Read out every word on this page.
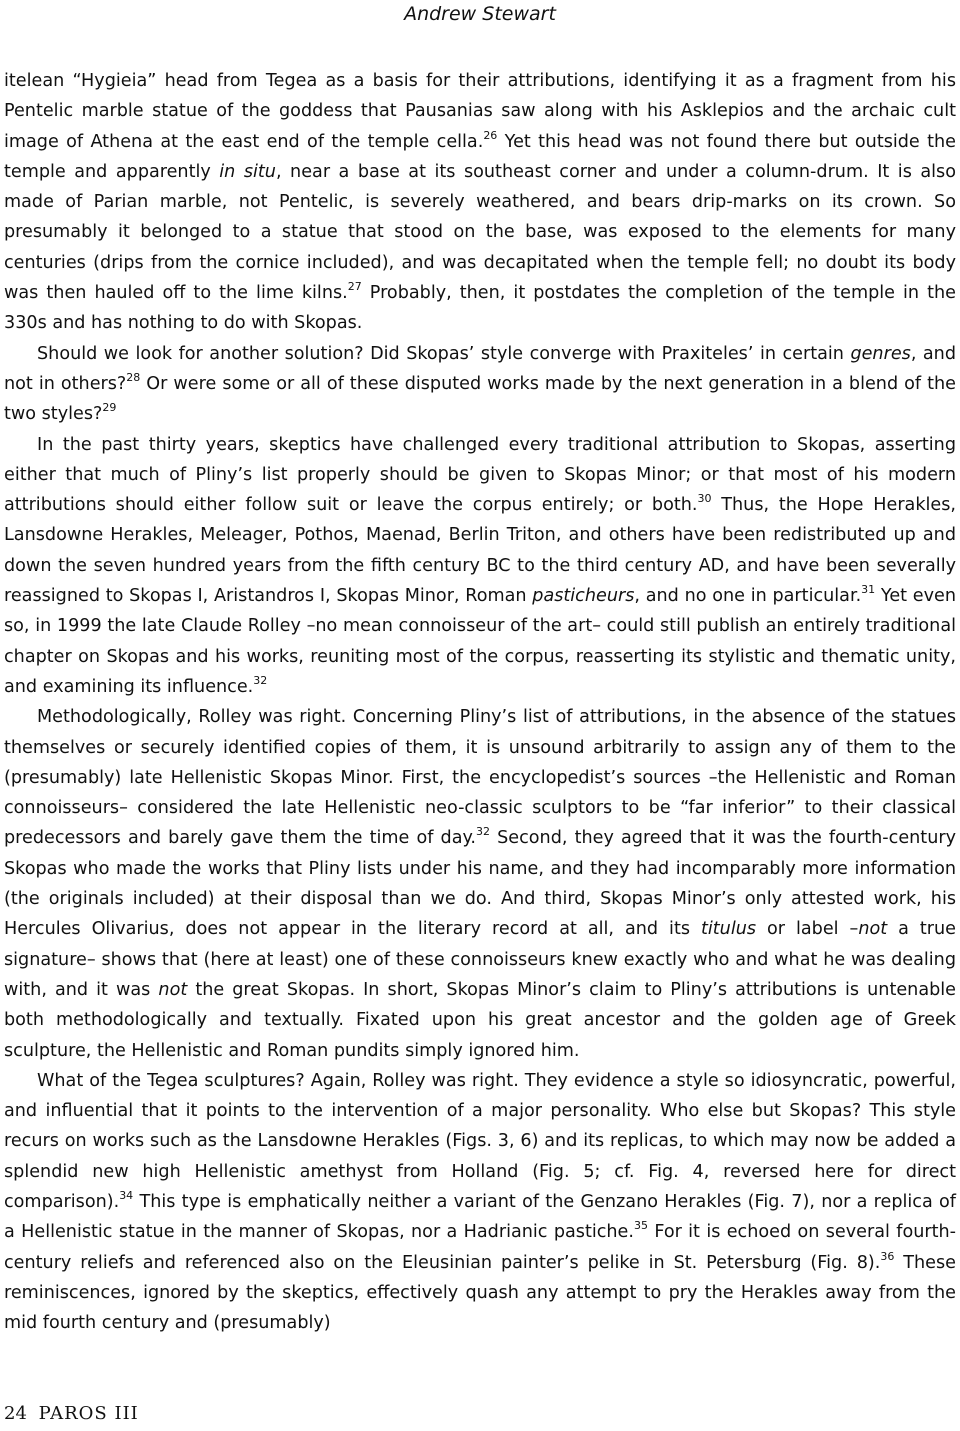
Andrew Stewart

itelean “Hygieia” head from Tegea as a basis for their attributions, identifying it as a fragment from his Pentelic marble statue of the goddess that Pausanias saw along with his Asklepios and the archaic cult image of Athena at the east end of the temple cella.$^{26}$ Yet this head was not found there but outside the temple and apparently in situ, near a base at its southeast corner and under a column-drum. It is also made of Parian marble, not Pentelic, is severely weathered, and bears drip-marks on its crown. So presumably it belonged to a statue that stood on the base, was exposed to the elements for many centuries (drips from the cornice included), and was decapitated when the temple fell; no doubt its body was then hauled off to the lime kilns.$^{27}$ Probably, then, it postdates the completion of the temple in the 330s and has nothing to do with Skopas.

Should we look for another solution? Did Skopas’ style converge with Praxiteles’ in certain genres, and not in others?$^{28}$ Or were some or all of these disputed works made by the next generation in a blend of the two styles?$^{29}$

In the past thirty years, skeptics have challenged every traditional attribution to Skopas, asserting either that much of Pliny’s list properly should be given to Skopas Minor; or that most of his modern attributions should either follow suit or leave the corpus entirely; or both.$^{30}$ Thus, the Hope Herakles, Lansdowne Herakles, Meleager, Pothos, Maenad, Berlin Triton, and others have been redistributed up and down the seven hundred years from the fifth century BC to the third century AD, and have been severally reassigned to Skopas I, Aristandros I, Skopas Minor, Roman pasticheurs, and no one in particular.$^{31}$ Yet even so, in 1999 the late Claude Rolley –no mean connoisseur of the art– could still publish an entirely traditional chapter on Skopas and his works, reuniting most of the corpus, reasserting its stylistic and thematic unity, and examining its influence.$^{32}$

Methodologically, Rolley was right. Concerning Pliny’s list of attributions, in the absence of the statues themselves or securely identified copies of them, it is unsound arbitrarily to assign any of them to the (presumably) late Hellenistic Skopas Minor. First, the encyclopedist’s sources –the Hellenistic and Roman connoisseurs– considered the late Hellenistic neo-classic sculptors to be “far inferior” to their classical predecessors and barely gave them the time of day.$^{32}$ Second, they agreed that it was the fourth-century Skopas who made the works that Pliny lists under his name, and they had incomparably more information (the originals included) at their disposal than we do. And third, Skopas Minor’s only attested work, his Hercules Olivarius, does not appear in the literary record at all, and its titulus or label –not a true signature– shows that (here at least) one of these connoisseurs knew exactly who and what he was dealing with, and it was not the great Skopas. In short, Skopas Minor’s claim to Pliny’s attributions is untenable both methodologically and textually. Fixated upon his great ancestor and the golden age of Greek sculpture, the Hellenistic and Roman pundits simply ignored him.

What of the Tegea sculptures? Again, Rolley was right. They evidence a style so idiosyncratic, powerful, and influential that it points to the intervention of a major personality. Who else but Skopas? This style recurs on works such as the Lansdowne Herakles (Figs. 3, 6) and its replicas, to which may now be added a splendid new high Hellenistic amethyst from Holland (Fig. 5; cf. Fig. 4, reversed here for direct comparison).$^{34}$ This type is emphatically neither a variant of the Genzano Herakles (Fig. 7), nor a replica of a Hellenistic statue in the manner of Skopas, nor a Hadrianic pastiche.$^{35}$ For it is echoed on several fourth-century reliefs and referenced also on the Eleusinian painter’s pelike in St. Petersburg (Fig. 8).$^{36}$ These reminiscences, ignored by the skeptics, effectively quash any attempt to pry the Herakles away from the mid fourth century and (presumably)

24 PAROS III
